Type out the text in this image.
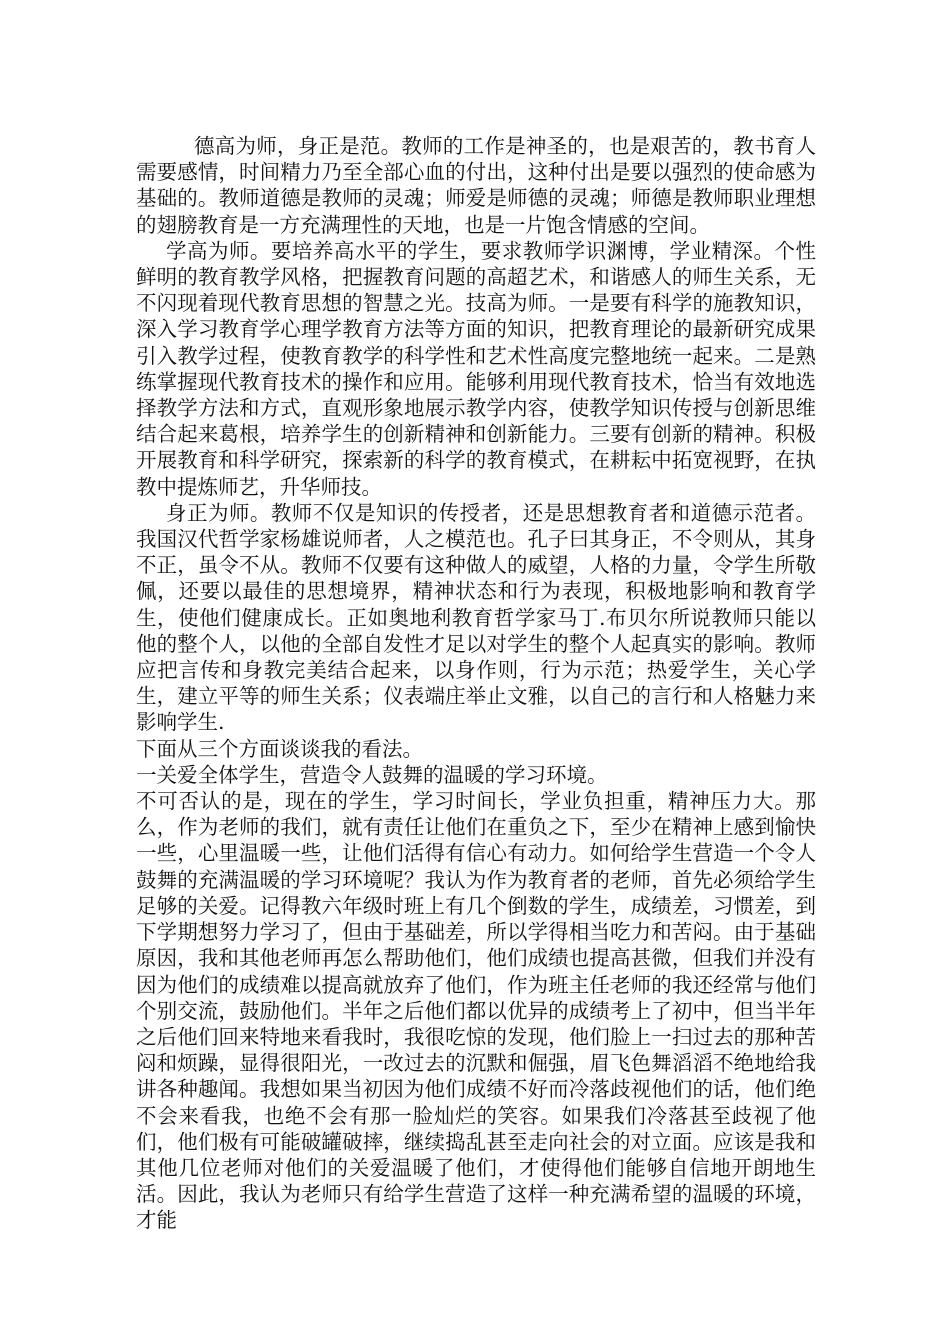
德高为师，身正是范。教师的工作是神圣的，也是艰苦的，教书育人需要感情，时间精力乃至全部心血的付出，这种付出是要以强烈的使命感为基础的。教师道德是教师的灵魂；师爱是师德的灵魂；师德是教师职业理想的翅膀教育是一方充满理性的天地，也是一片饱含情感的空间。

学高为师。要培养高水平的学生，要求教师学识渊博，学业精深。个性鲜明的教育教学风格，把握教育问题的高超艺术，和谐感人的师生关系，无不闪现着现代教育思想的智慧之光。技高为师。一是要有科学的施教知识，深入学习教育学心理学教育方法等方面的知识，把教育理论的最新研究成果引入教学过程，使教育教学的科学性和艺术性高度完整地统一起来。二是熟练掌握现代教育技术的操作和应用。能够利用现代教育技术，恰当有效地选择教学方法和方式，直观形象地展示教学内容，使教学知识传授与创新思维结合起来葛根，培养学生的创新精神和创新能力。三要有创新的精神。积极开展教育和科学研究，探索新的科学的教育模式，在耕耘中拓宽视野，在执教中提炼师艺，升华师技。

身正为师。教师不仅是知识的传授者，还是思想教育者和道德示范者。我国汉代哲学家杨雄说师者，人之模范也。孔子曰其身正，不令则从，其身不正，虽令不从。教师不仅要有这种做人的威望，人格的力量，令学生所敬佩，还要以最佳的思想境界，精神状态和行为表现，积极地影响和教育学生，使他们健康成长。正如奥地利教育哲学家马丁.布贝尔所说教师只能以他的整个人，以他的全部自发性才足以对学生的整个人起真实的影响。教师应把言传和身教完美结合起来，以身作则，行为示范；热爱学生，关心学生，建立平等的师生关系；仪表端庄举止文雅，以自己的言行和人格魅力来影响学生.

下面从三个方面谈谈我的看法。

一关爱全体学生，营造令人鼓舞的温暖的学习环境。

不可否认的是，现在的学生，学习时间长，学业负担重，精神压力大。那么，作为老师的我们，就有责任让他们在重负之下，至少在精神上感到愉快一些，心里温暖一些，让他们活得有信心有动力。如何给学生营造一个令人鼓舞的充满温暖的学习环境呢？我认为作为教育者的老师，首先必须给学生足够的关爱。记得教六年级时班上有几个倒数的学生，成绩差，习惯差，到下学期想努力学习了，但由于基础差，所以学得相当吃力和苦闷。由于基础原因，我和其他老师再怎么帮助他们，他们成绩也提高甚微，但我们并没有因为他们的成绩难以提高就放弃了他们，作为班主任老师的我还经常与他们个别交流，鼓励他们。半年之后他们都以优异的成绩考上了初中，但当半年之后他们回来特地来看我时，我很吃惊的发现，他们脸上一扫过去的那种苦闷和烦躁，显得很阳光，一改过去的沉默和倔强，眉飞色舞滔滔不绝地给我讲各种趣闻。我想如果当初因为他们成绩不好而冷落歧视他们的话，他们绝不会来看我，也绝不会有那一脸灿烂的笑容。如果我们冷落甚至歧视了他们，他们极有可能破罐破摔，继续捣乱甚至走向社会的对立面。应该是我和其他几位老师对他们的关爱温暖了他们，才使得他们能够自信地开朗地生活。因此，我认为老师只有给学生营造了这样一种充满希望的温暖的环境，才能
